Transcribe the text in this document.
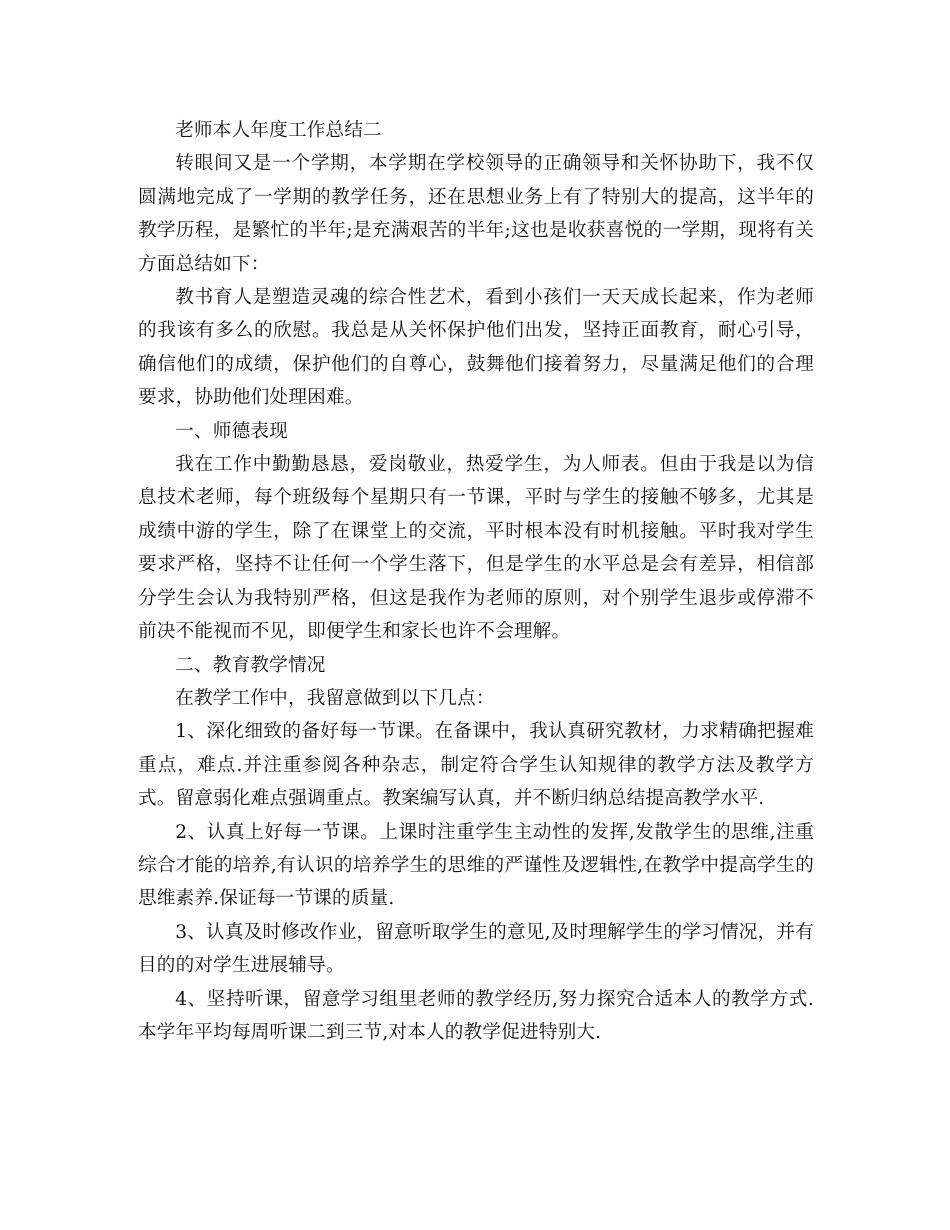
老师本人年度工作总结二

转眼间又是一个学期，本学期在学校领导的正确领导和关怀协助下，我不仅圆满地完成了一学期的教学任务，还在思想业务上有了特别大的提高，这半年的教学历程，是繁忙的半年;是充满艰苦的半年;这也是收获喜悦的一学期，现将有关方面总结如下：

教书育人是塑造灵魂的综合性艺术，看到小孩们一天天成长起来，作为老师的我该有多么的欣慰。我总是从关怀保护他们出发，坚持正面教育，耐心引导，确信他们的成绩，保护他们的自尊心，鼓舞他们接着努力，尽量满足他们的合理要求，协助他们处理困难。

一、师德表现

我在工作中勤勤恳恳，爱岗敬业，热爱学生，为人师表。但由于我是以为信息技术老师，每个班级每个星期只有一节课，平时与学生的接触不够多，尤其是成绩中游的学生，除了在课堂上的交流，平时根本没有时机接触。平时我对学生要求严格，坚持不让任何一个学生落下，但是学生的水平总是会有差异，相信部分学生会认为我特别严格，但这是我作为老师的原则，对个别学生退步或停滞不前决不能视而不见，即便学生和家长也许不会理解。

二、教育教学情况

在教学工作中，我留意做到以下几点：

1、深化细致的备好每一节课。在备课中，我认真研究教材，力求精确把握难重点，难点.并注重参阅各种杂志，制定符合学生认知规律的教学方法及教学方式。留意弱化难点强调重点。教案编写认真，并不断归纳总结提高教学水平.

2、认真上好每一节课。上课时注重学生主动性的发挥,发散学生的思维,注重综合才能的培养,有认识的培养学生的思维的严谨性及逻辑性,在教学中提高学生的思维素养.保证每一节课的质量.

3、认真及时修改作业，留意听取学生的意见,及时理解学生的学习情况，并有目的的对学生进展辅导。

4、坚持听课，留意学习组里老师的教学经历,努力探究合适本人的教学方式.本学年平均每周听课二到三节,对本人的教学促进特别大.
